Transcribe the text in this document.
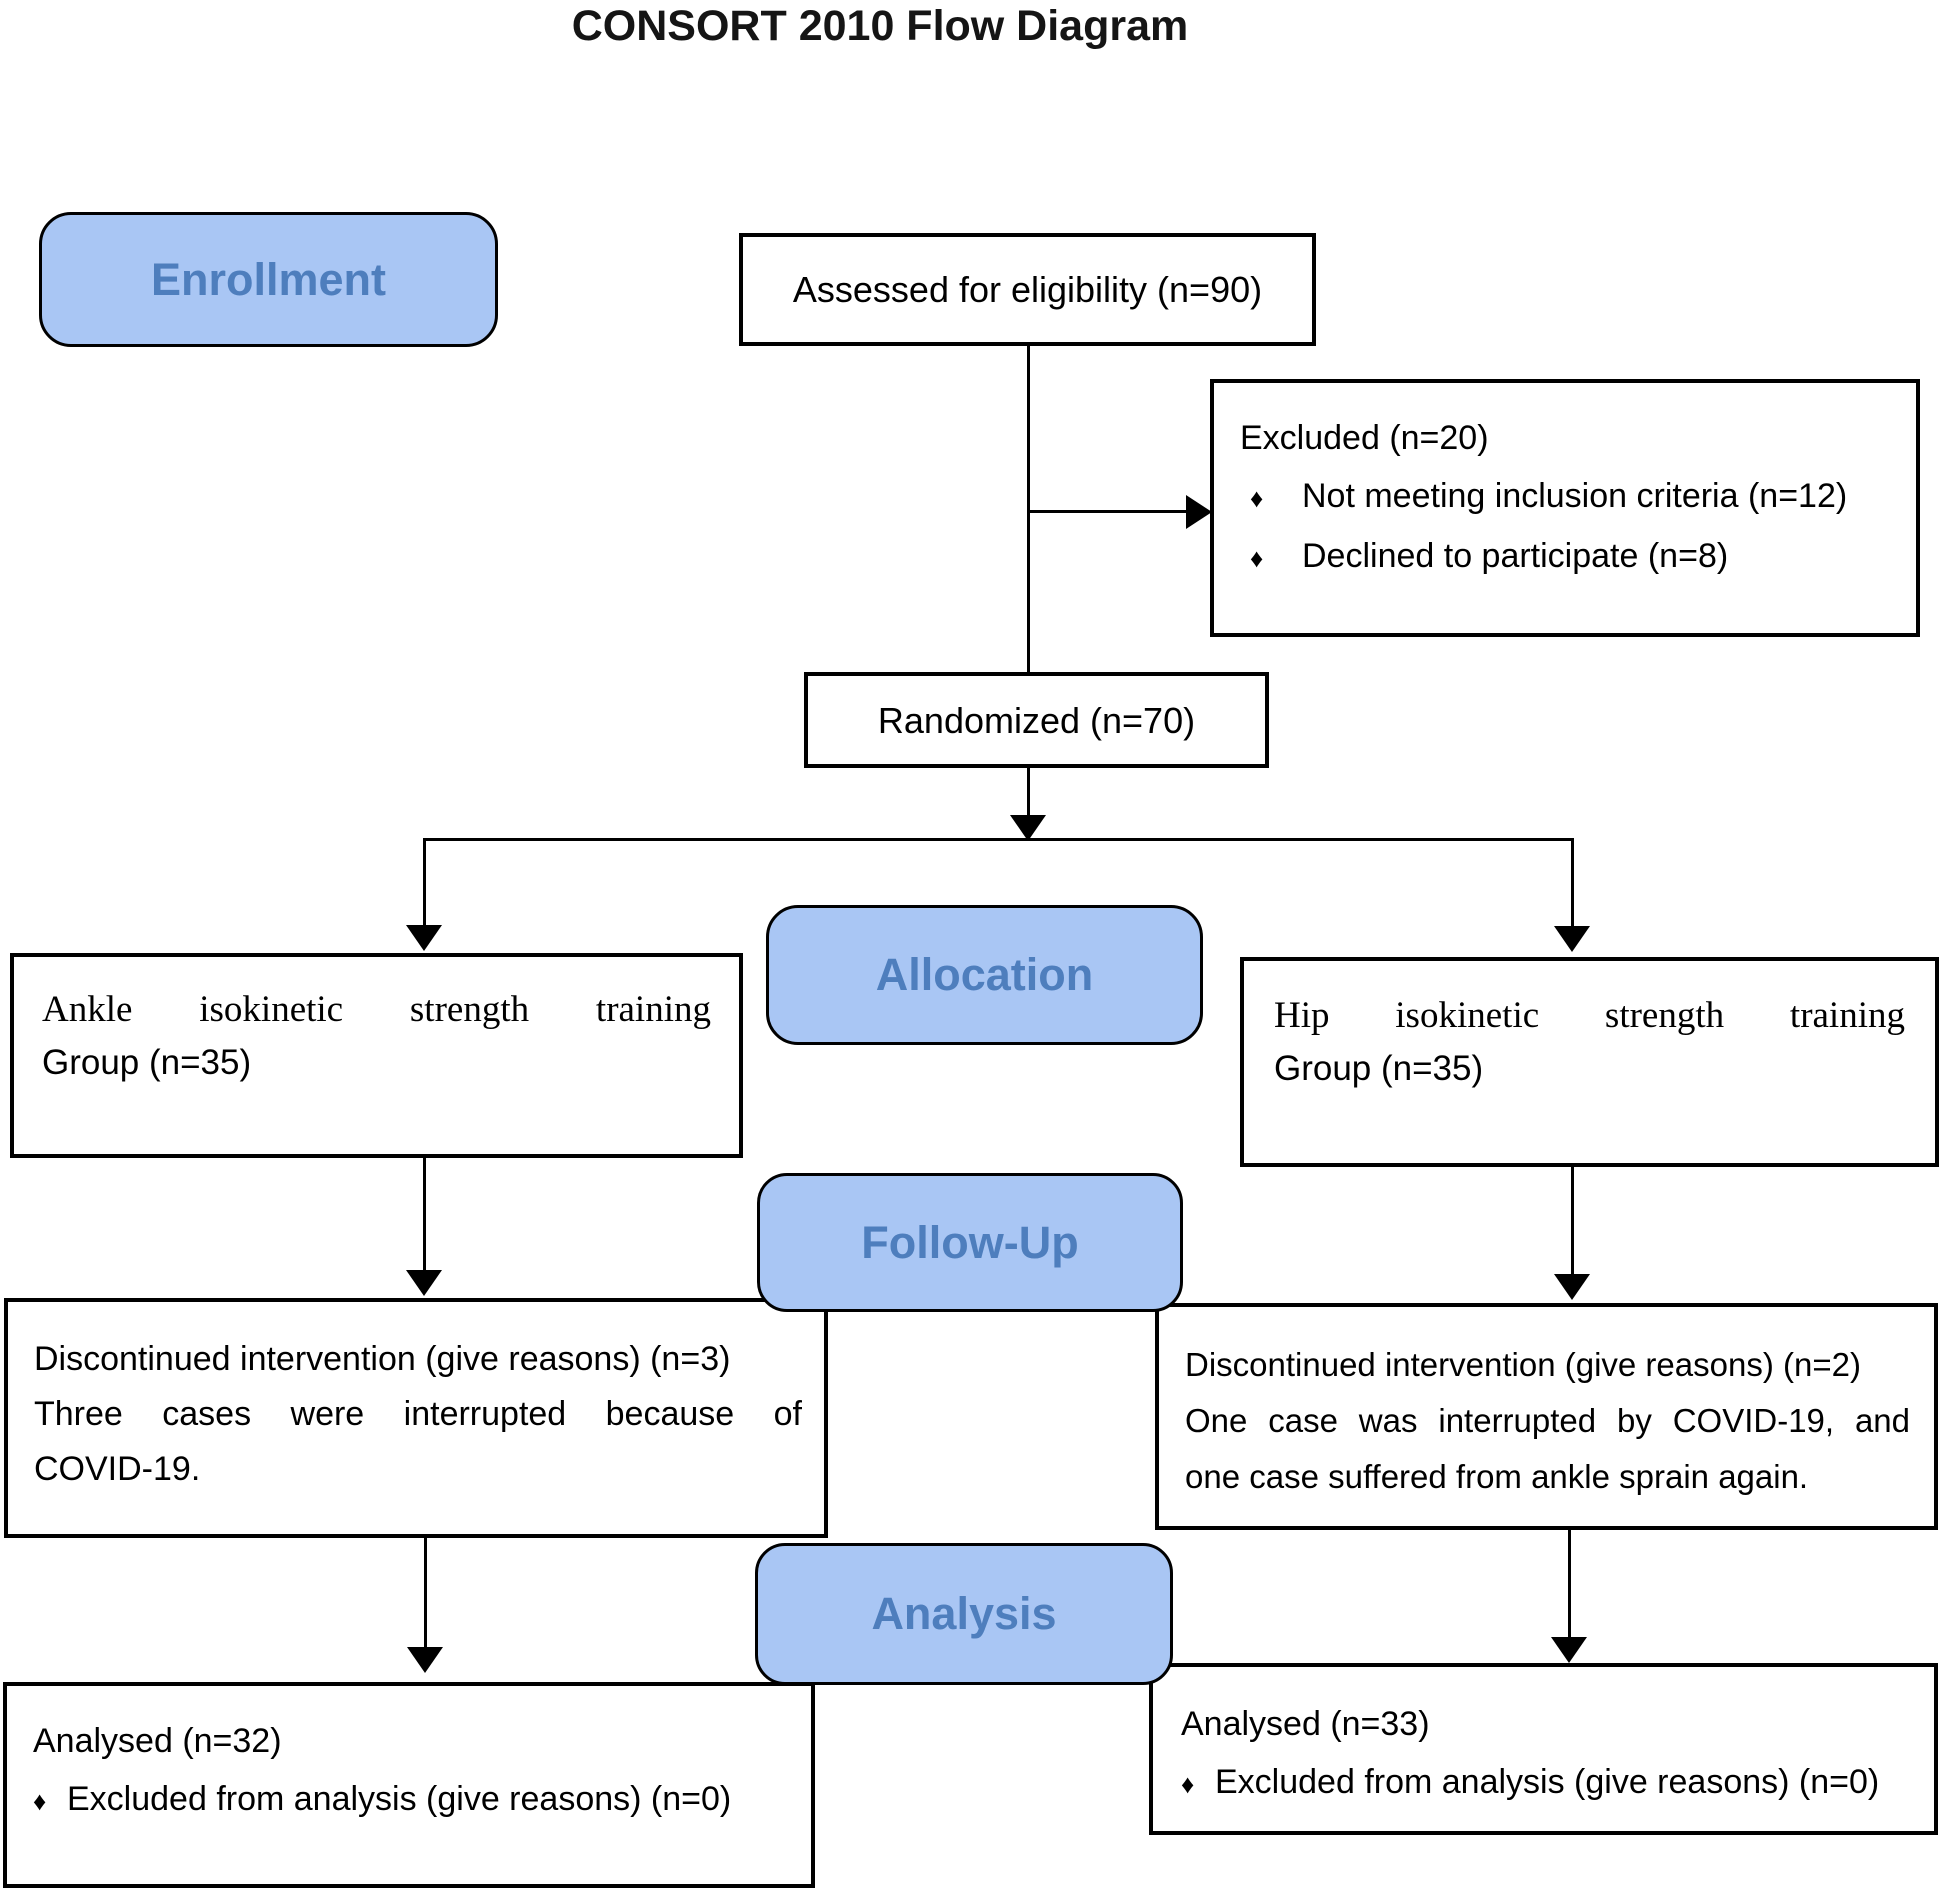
CONSORT 2010 Flow Diagram
Enrollment
Allocation
Follow-Up
Analysis
Assessed for eligibility (n=90)
Excluded (n=20)
♦	Not meeting inclusion criteria (n=12)
♦	Declined to participate (n=8)
Randomized (n=70)
Ankle isokinetic strength training
Group (n=35)
Hip isokinetic strength training
Group (n=35)
Discontinued intervention (give reasons) (n=3)
Three cases were interrupted because of
COVID-19.
Discontinued intervention (give reasons) (n=2)
One case was interrupted by COVID-19, and
one case suffered from ankle sprain again.
Analysed (n=32)
♦ Excluded from analysis (give reasons) (n=0)
Analysed (n=33)
♦ Excluded from analysis (give reasons) (n=0)
